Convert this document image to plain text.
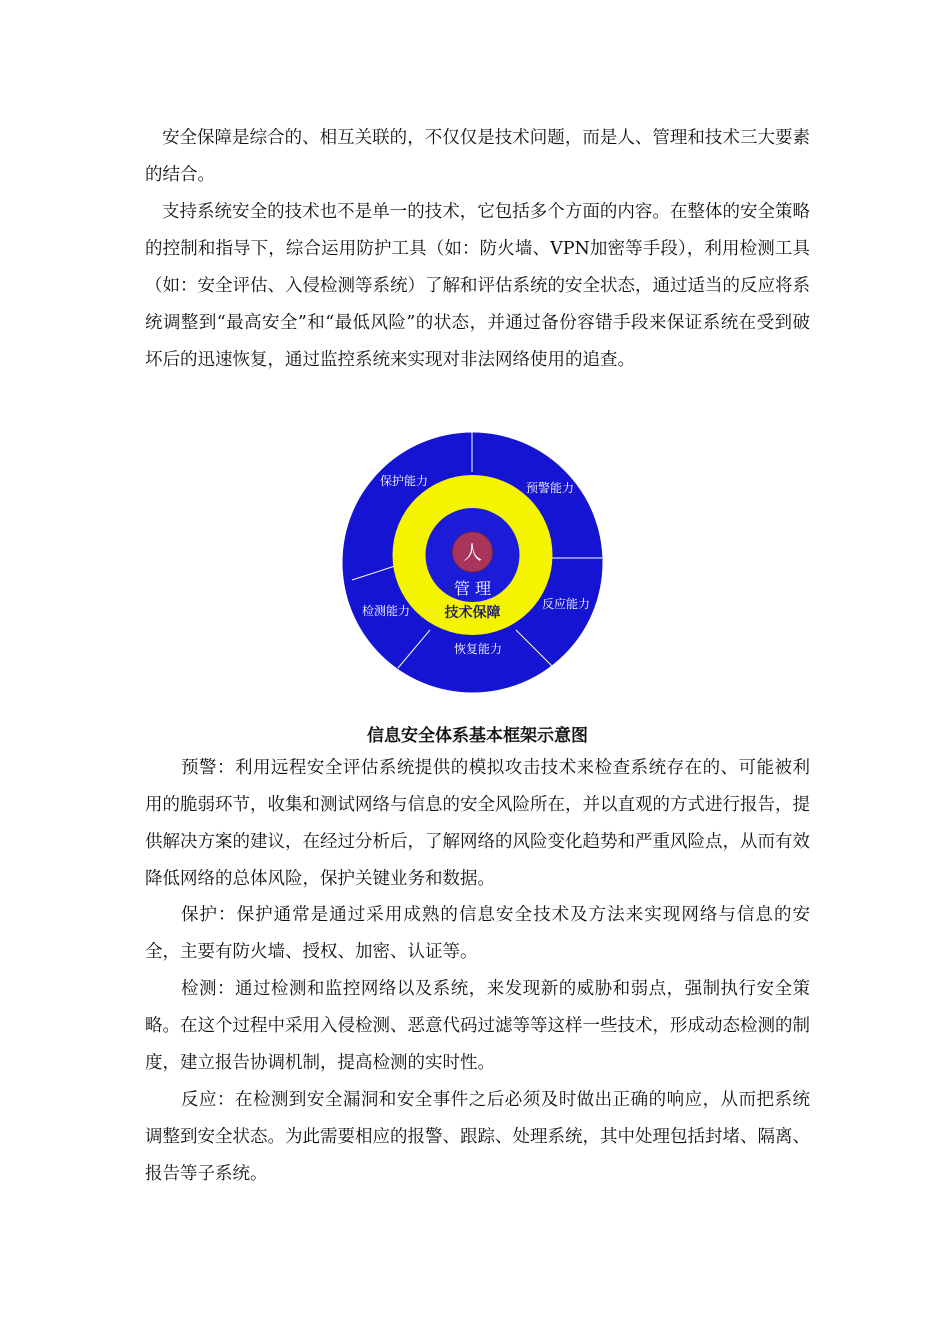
安全保障是综合的、相互关联的，不仅仅是技术问题，而是人、管理和技术三大要素的结合。

支持系统安全的技术也不是单一的技术，它包括多个方面的内容。在整体的安全策略的控制和指导下，综合运用防护工具（如：防火墙、VPN加密等手段），利用检测工具（如：安全评估、入侵检测等系统）了解和评估系统的安全状态，通过适当的反应将系统调整到“最高安全”和“最低风险”的状态，并通过备份容错手段来保证系统在受到破坏后的迅速恢复，通过监控系统来实现对非法网络使用的追查。

人
管 理
技术保障
保护能力	预警能力
反应能力
检测能力
恢复能力

信息安全体系基本框架示意图

预警：利用远程安全评估系统提供的模拟攻击技术来检查系统存在的、可能被利用的脆弱环节，收集和测试网络与信息的安全风险所在，并以直观的方式进行报告，提供解决方案的建议，在经过分析后，了解网络的风险变化趋势和严重风险点，从而有效降低网络的总体风险，保护关键业务和数据。

保护：保护通常是通过采用成熟的信息安全技术及方法来实现网络与信息的安全，主要有防火墙、授权、加密、认证等。

检测：通过检测和监控网络以及系统，来发现新的威胁和弱点，强制执行安全策略。在这个过程中采用入侵检测、恶意代码过滤等等这样一些技术，形成动态检测的制度，建立报告协调机制，提高检测的实时性。

反应：在检测到安全漏洞和安全事件之后必须及时做出正确的响应，从而把系统调整到安全状态。为此需要相应的报警、跟踪、处理系统，其中处理包括封堵、隔离、报告等子系统。
